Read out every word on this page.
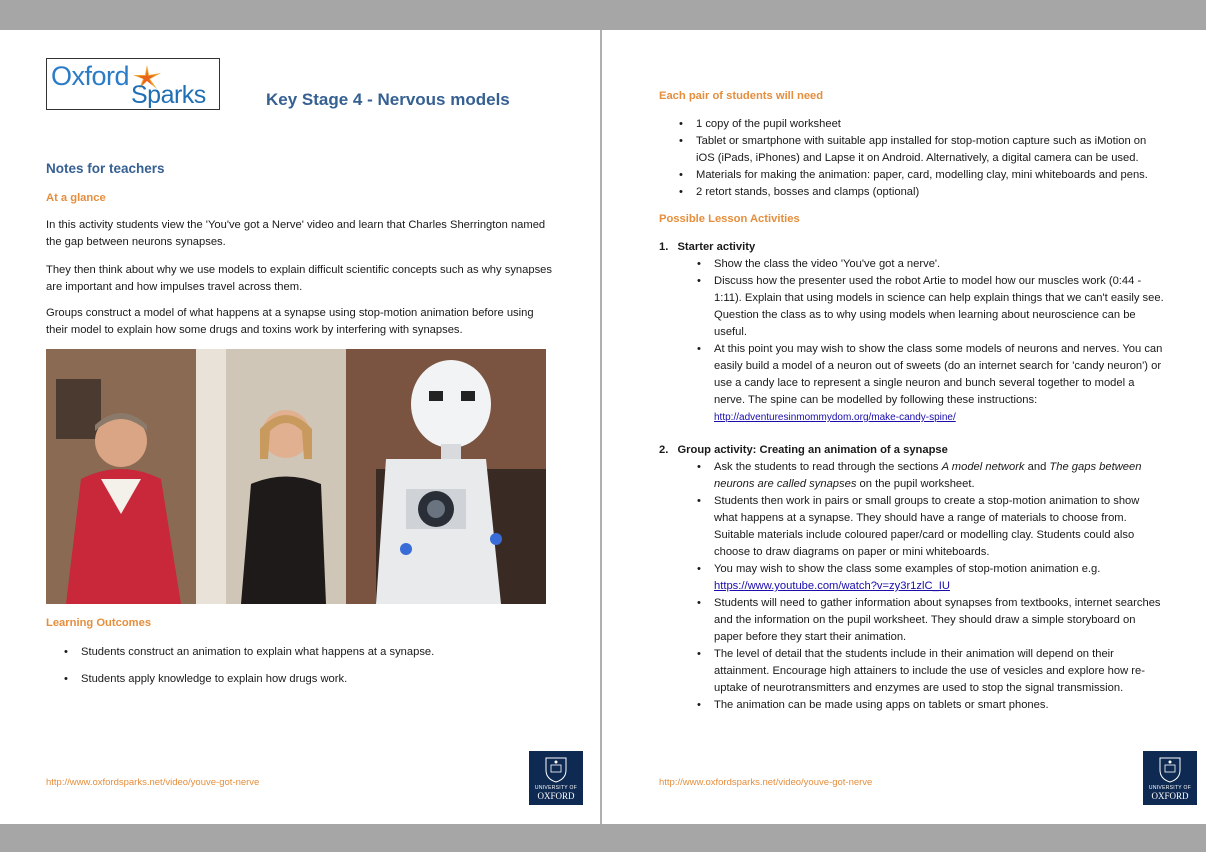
Oxford
Sparks	Key Stage 4 - Nervous models
Notes for teachers
At a glance
In this activity students view the 'You've got a Nerve' video and learn that Charles Sherrington named
the gap between neurons synapses.
They then think about why we use models to explain difficult scientific concepts such as why synapses
are important and how impulses travel across them.
Groups construct a model of what happens at a synapse using stop-motion animation before using
their model to explain how some drugs and toxins work by interfering with synapses.
Learning Outcomes
• Students construct an animation to explain what happens at a synapse.
• Students apply knowledge to explain how drugs work.
http://www.oxfordsparks.net/video/youve-got-nerve	UNIVERSITY OF
OXFORD
Each pair of students will need
• 1 copy of the pupil worksheet
• Tablet or smartphone with suitable app installed for stop-motion capture such as iMotion on
iOS (iPads, iPhones) and Lapse it on Android. Alternatively, a digital camera can be used.
• Materials for making the animation: paper, card, modelling clay, mini whiteboards and pens.
• 2 retort stands, bosses and clamps (optional)
Possible Lesson Activities
1. Starter activity
• Show the class the video 'You've got a nerve'.
• Discuss how the presenter used the robot Artie to model how our muscles work (0:44 -
1:11). Explain that using models in science can help explain things that we can't easily see.
Question the class as to why using models when learning about neuroscience can be
useful.
• At this point you may wish to show the class some models of neurons and nerves. You can
easily build a model of a neuron out of sweets (do an internet search for 'candy neuron') or
use a candy lace to represent a single neuron and bunch several together to model a
nerve. The spine can be modelled by following these instructions:
http://adventuresinmommydom.org/make-candy-spine/
2. Group activity: Creating an animation of a synapse
• Ask the students to read through the sections A model network and The gaps between
neurons are called synapses on the pupil worksheet.
• Students then work in pairs or small groups to create a stop-motion animation to show
what happens at a synapse. They should have a range of materials to choose from.
Suitable materials include coloured paper/card or modelling clay. Students could also
choose to draw diagrams on paper or mini whiteboards.
• You may wish to show the class some examples of stop-motion animation e.g.
https://www.youtube.com/watch?v=zy3r1zlC_IU
• Students will need to gather information about synapses from textbooks, internet searches
and the information on the pupil worksheet. They should draw a simple storyboard on
paper before they start their animation.
• The level of detail that the students include in their animation will depend on their
attainment. Encourage high attainers to include the use of vesicles and explore how re-
uptake of neurotransmitters and enzymes are used to stop the signal transmission.
• The animation can be made using apps on tablets or smart phones.
http://www.oxfordsparks.net/video/youve-got-nerve	UNIVERSITY OF
OXFORD
